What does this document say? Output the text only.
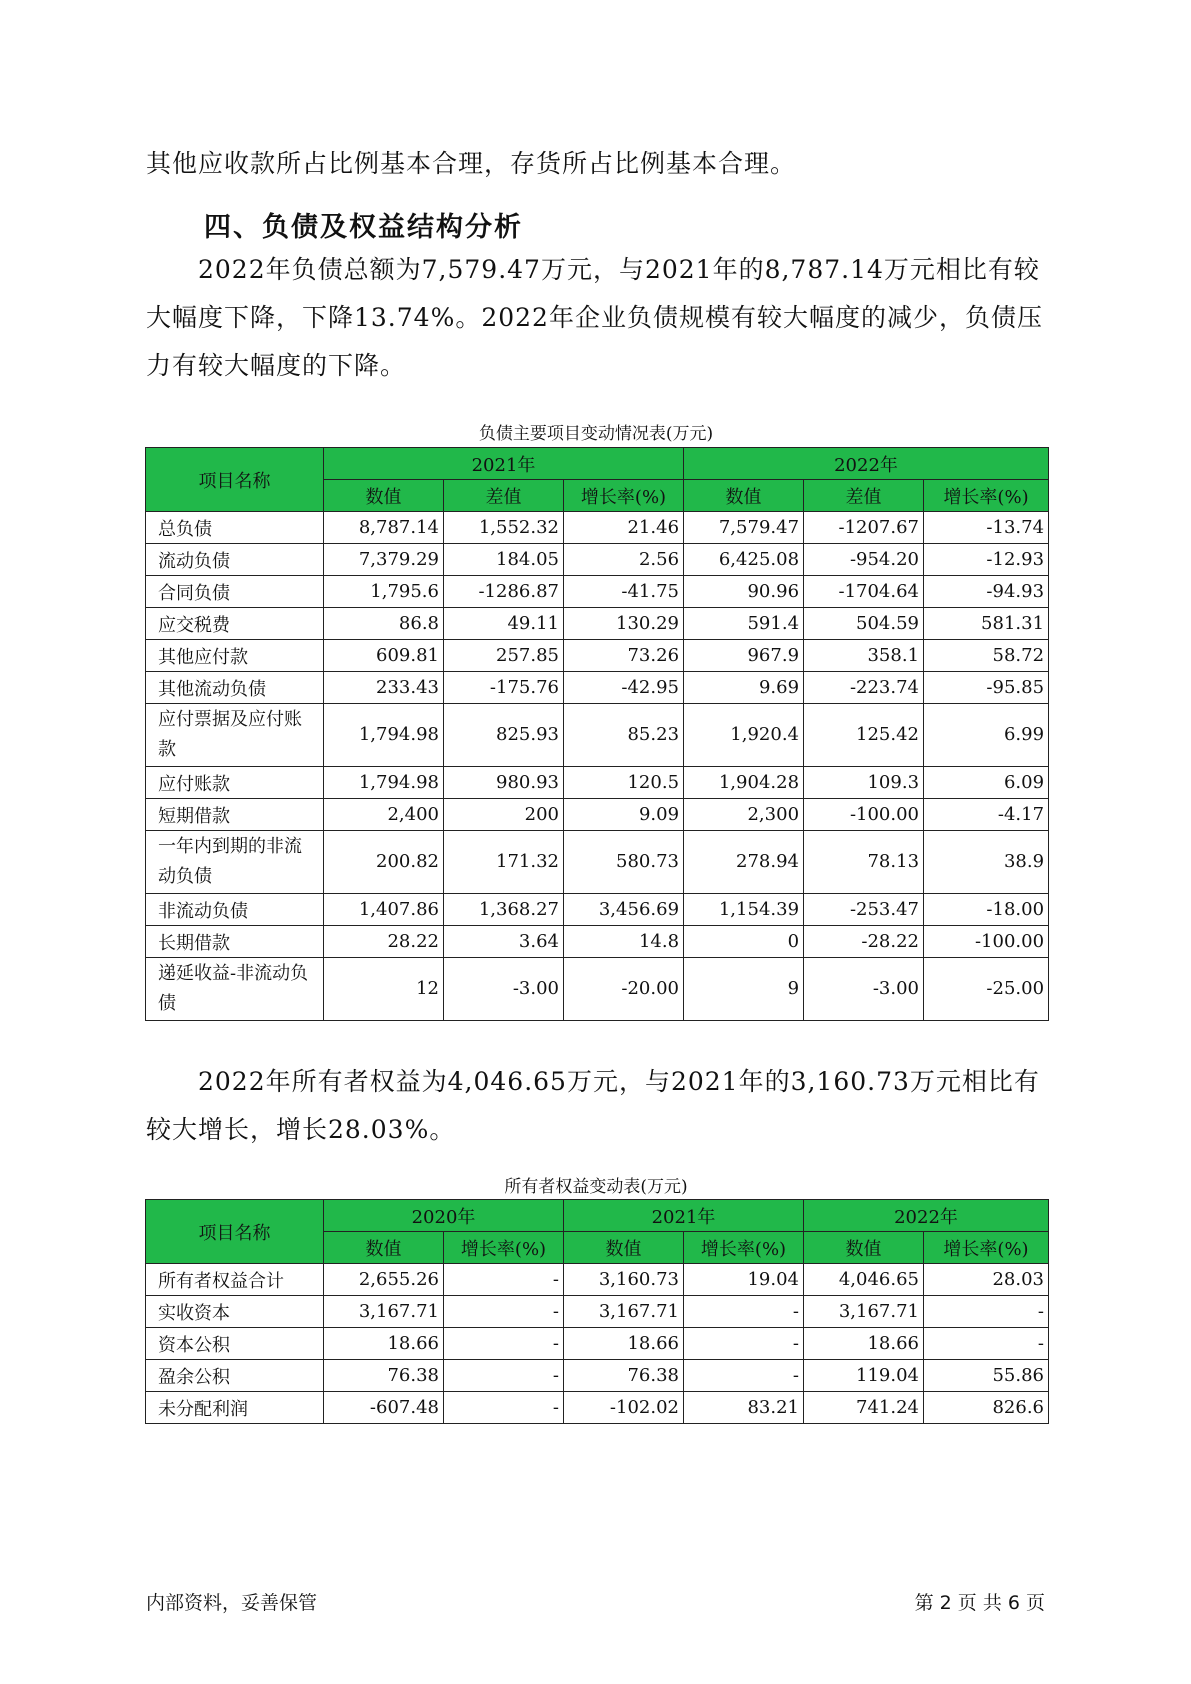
其他应收款所占比例基本合理，存货所占比例基本合理。

四、负债及权益结构分析

2022年负债总额为7,579.47万元，与2021年的8,787.14万元相比有较大幅度下降，下降13.74%。2022年企业负债规模有较大幅度的减少，负债压力有较大幅度的下降。

负债主要项目变动情况表(万元)

项目名称	2021年			2022年		
	数值	差值	增长率(%)	数值	差值	增长率(%)
总负债	8,787.14	1,552.32	21.46	7,579.47	-1207.67	-13.74
流动负债	7,379.29	184.05	2.56	6,425.08	-954.20	-12.93
合同负债	1,795.6	-1286.87	-41.75	90.96	-1704.64	-94.93
应交税费	86.8	49.11	130.29	591.4	504.59	581.31
其他应付款	609.81	257.85	73.26	967.9	358.1	58.72
其他流动负债	233.43	-175.76	-42.95	9.69	-223.74	-95.85
应付票据及应付账款	1,794.98	825.93	85.23	1,920.4	125.42	6.99
应付账款	1,794.98	980.93	120.5	1,904.28	109.3	6.09
短期借款	2,400	200	9.09	2,300	-100.00	-4.17
一年内到期的非流动负债	200.82	171.32	580.73	278.94	78.13	38.9
非流动负债	1,407.86	1,368.27	3,456.69	1,154.39	-253.47	-18.00
长期借款	28.22	3.64	14.8	0	-28.22	-100.00
递延收益-非流动负债	12	-3.00	-20.00	9	-3.00	-25.00

2022年所有者权益为4,046.65万元，与2021年的3,160.73万元相比有较大增长，增长28.03%。

所有者权益变动表(万元)

项目名称	2020年		2021年		2022年	
	数值	增长率(%)	数值	增长率(%)	数值	增长率(%)
所有者权益合计	2,655.26	-	3,160.73	19.04	4,046.65	28.03
实收资本	3,167.71	-	3,167.71	-	3,167.71	-
资本公积	18.66	-	18.66	-	18.66	-
盈余公积	76.38	-	76.38	-	119.04	55.86
未分配利润	-607.48	-	-102.02	83.21	741.24	826.6

内部资料，妥善保管	第 2 页 共 6 页
